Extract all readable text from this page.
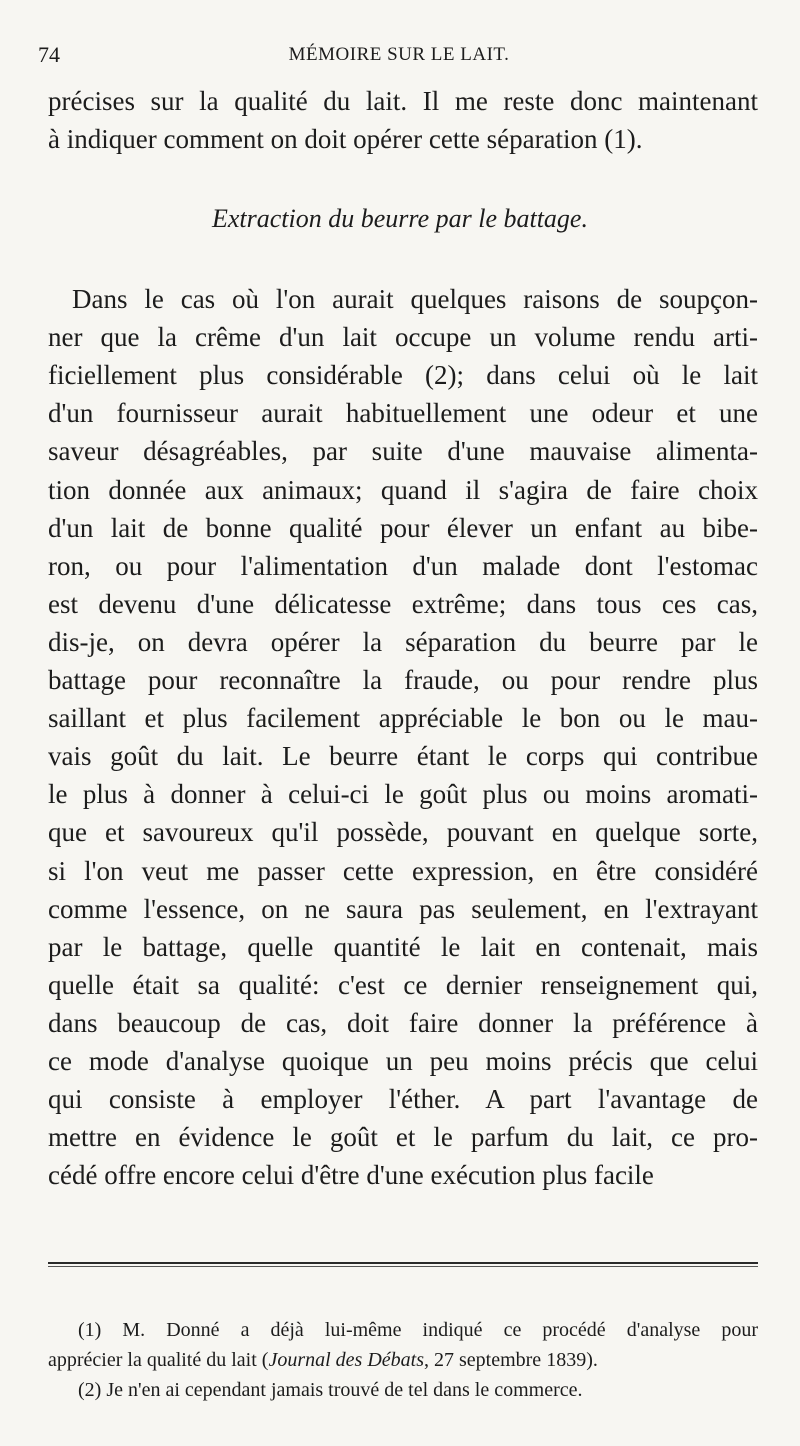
74	MÉMOIRE SUR LE LAIT.
précises sur la qualité du lait. Il me reste donc maintenant
à indiquer comment on doit opérer cette séparation (1).
Extraction du beurre par le battage.
Dans le cas où l'on aurait quelques raisons de soupçon-
ner que la crême d'un lait occupe un volume rendu arti-
ficiellement plus considérable (2); dans celui où le lait
d'un fournisseur aurait habituellement une odeur et une
saveur désagréables, par suite d'une mauvaise alimenta-
tion donnée aux animaux; quand il s'agira de faire choix
d'un lait de bonne qualité pour élever un enfant au bibe-
ron, ou pour l'alimentation d'un malade dont l'estomac
est devenu d'une délicatesse extrême; dans tous ces cas,
dis-je, on devra opérer la séparation du beurre par le
battage pour reconnaître la fraude, ou pour rendre plus
saillant et plus facilement appréciable le bon ou le mau-
vais goût du lait. Le beurre étant le corps qui contribue
le plus à donner à celui-ci le goût plus ou moins aromati-
que et savoureux qu'il possède, pouvant en quelque sorte,
si l'on veut me passer cette expression, en être considéré
comme l'essence, on ne saura pas seulement, en l'extrayant
par le battage, quelle quantité le lait en contenait, mais
quelle était sa qualité: c'est ce dernier renseignement qui,
dans beaucoup de cas, doit faire donner la préférence à
ce mode d'analyse quoique un peu moins précis que celui
qui consiste à employer l'éther. A part l'avantage de
mettre en évidence le goût et le parfum du lait, ce pro-
cédé offre encore celui d'être d'une exécution plus facile
(1) M. Donné a déjà lui-même indiqué ce procédé d'analyse pour
apprécier la qualité du lait (Journal des Débats, 27 septembre 1839).
(2) Je n'en ai cependant jamais trouvé de tel dans le commerce.
